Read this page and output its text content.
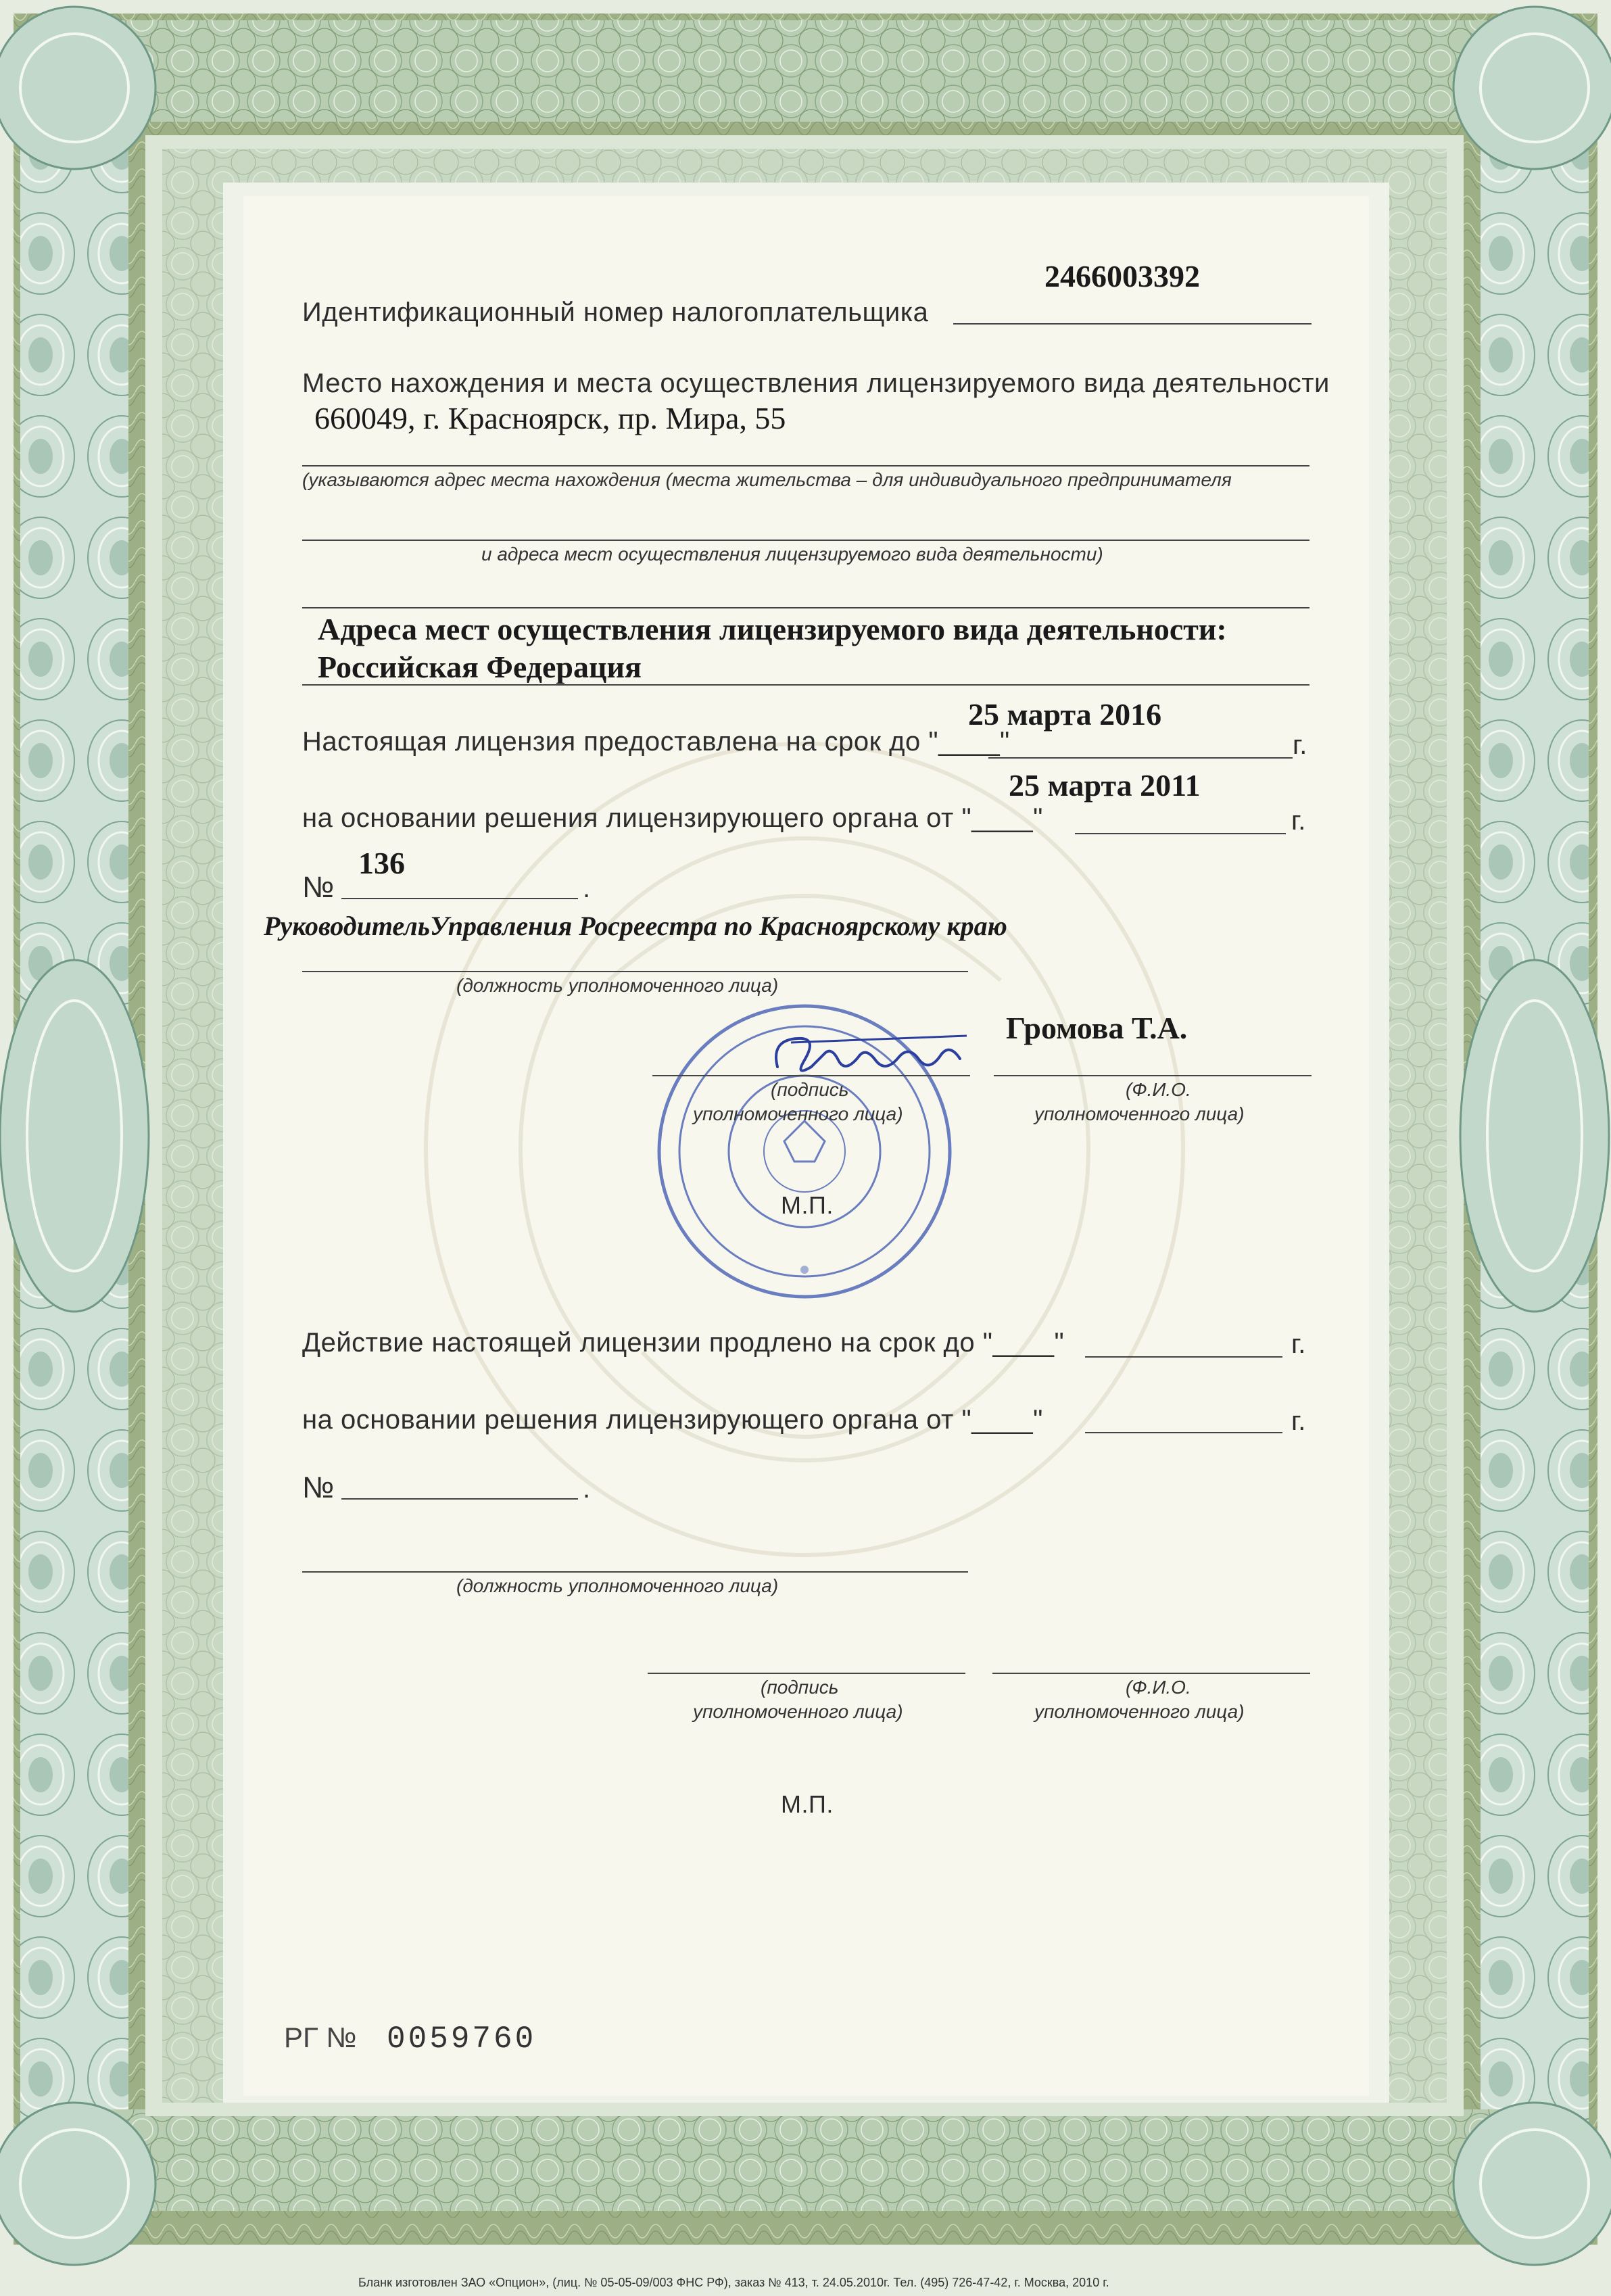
2466003392
Идентификационный номер налогоплательщика
Место нахождения и места осуществления лицензируемого вида деятельности
660049, г. Красноярск, пр. Мира, 55
(указываются адрес места нахождения (места жительства – для индивидуального предпринимателя
и адреса мест осуществления лицензируемого вида деятельности)
Адреса мест осуществления лицензируемого вида деятельности:
Российская Федерация
25 марта 2016
Настоящая лицензия предоставлена на срок до "____"	г.
25 марта 2011
на основании решения лицензирующего органа от "____"	г.
136
№	.
РуководительУправления Росреестра по Красноярскому краю
(должность уполномоченного лица)
Громова Т.А.
(подпись
уполномоченного лица)
(Ф.И.О.
уполномоченного лица)
М.П.
Действие настоящей лицензии продлено на срок до "____"	г.
на основании решения лицензирующего органа от "____"	г.
№	.
(должность уполномоченного лица)
(подпись
уполномоченного лица)
(Ф.И.О.
уполномоченного лица)
М.П.
РГ № 0059760
Бланк изготовлен ЗАО «Опцион», (лиц. № 05-05-09/003 ФНС РФ), заказ № 413, т. 24.05.2010г. Тел. (495) 726-47-42, г. Москва, 2010 г.
